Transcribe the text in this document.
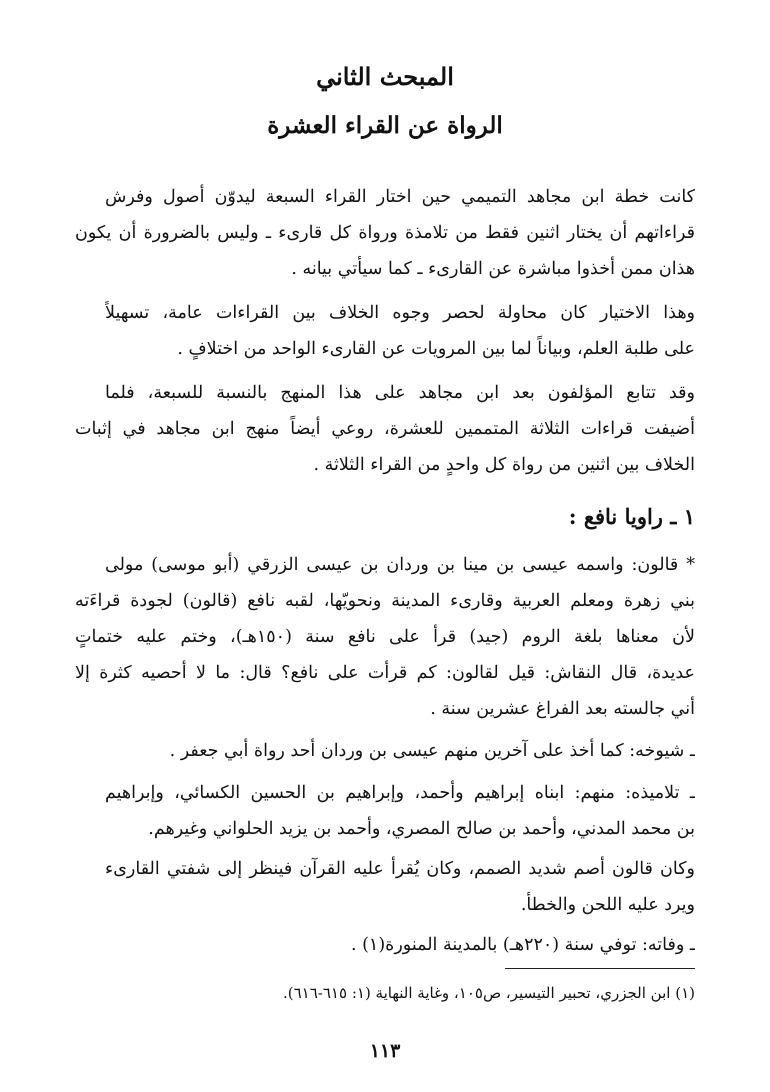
المبحث الثاني
الرواة عن القراء العشرة
كانت خطة ابن مجاهد التميمي حين اختار القراء السبعة ليدوّن أصول وفرش
قراءاتهم أن يختار اثنين فقط من تلامذة ورواة كل قارىء ـ وليس بالضرورة أن يكون
هذان ممن أخذوا مباشرة عن القارىء ـ كما سيأتي بيانه .
وهذا الاختيار كان محاولة لحصر وجوه الخلاف بين القراءات عامة، تسهيلاً
على طلبة العلم، وبياناً لما بين المرويات عن القارىء الواحد من اختلافٍ .
وقد تتابع المؤلفون بعد ابن مجاهد على هذا المنهج بالنسبة للسبعة، فلما
أضيفت قراءات الثلاثة المتممين للعشرة، روعي أيضاً منهج ابن مجاهد في إثبات
الخلاف بين اثنين من رواة كل واحدٍ من القراء الثلاثة .
١ ـ راويا نافع :
* قالون: واسمه عيسى بن مينا بن وردان بن عيسى الزرقي (أبو موسى) مولى
بني زهرة ومعلم العربية وقارىء المدينة ونحويّها، لقبه نافع (قالون) لجودة قراءَته
لأن معناها بلغة الروم (جيد) قرأ على نافع سنة (١٥٠هـ)، وختم عليه ختماتٍ
عديدة، قال النقاش: قيل لقالون: كم قرأت على نافع؟ قال: ما لا أحصيه كثرة إلا
أني جالسته بعد الفراغ عشرين سنة .
ـ شيوخه: كما أخذ على آخرين منهم عيسى بن وردان أحد رواة أبي جعفر .
ـ تلاميذه: منهم: ابناه إبراهيم وأحمد، وإبراهيم بن الحسين الكسائي، وإبراهيم
بن محمد المدني، وأحمد بن صالح المصري، وأحمد بن يزيد الحلواني وغيرهم.
وكان قالون أصم شديد الصمم، وكان يُقرأ عليه القرآن فينظر إلى شفتي القارىء
ويرد عليه اللحن والخطأ.
ـ وفاته: توفي سنة (٢٢٠هـ) بالمدينة المنورة(١) .
(١) ابن الجزري، تحبير التيسير، ص١٠٥، وغاية النهاية (١: ٦١٥-٦١٦).
١١٣
